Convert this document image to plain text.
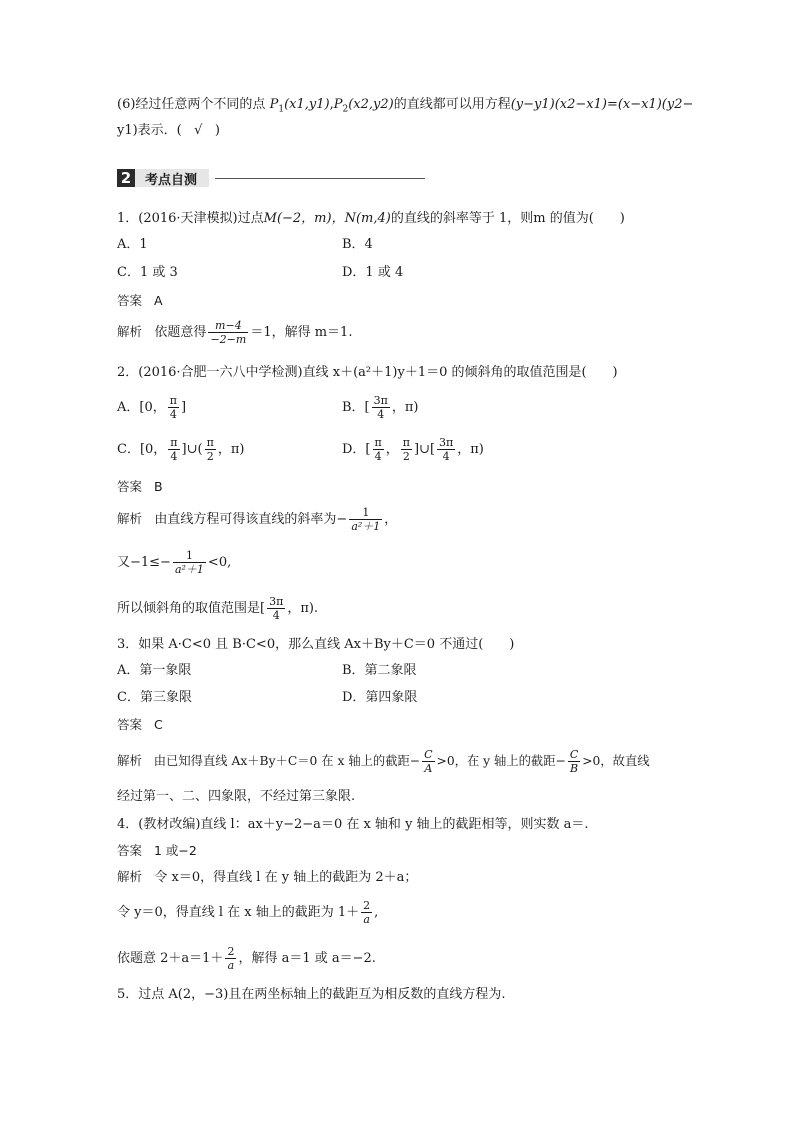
(6)经过任意两个不同的点 $P_1(x1,y1),P_2(x2,y2)$的直线都可以用方程(y−y1)(x2−x1)=(x−x1)(y2−
y1)表示．( √ )
2	考点自测
1．(2016·天津模拟)过点M(−2，m)，N(m,4)的直线的斜率等于 1，则m 的值为(　　)
A．1	B．4
C．1 或 3	D．1 或 4
答案 A
解析 依题意得 $\frac{m-4}{-2-m} =1$，解得 m＝1.
2．(2016·合肥一六八中学检测)直线 x＋(a²＋1)y＋1＝0 的倾斜角的取值范围是(　　)
A．[0， $\frac{\pi}{4}$ ]	B．[ $\frac{3\pi}{4}$ ，π)
C．[0， $\frac{\pi}{4}$ ]∪( $\frac{\pi}{2}$ ，π)	D．[ $\frac{\pi}{4}$ ， $\frac{\pi}{2}$ ]∪[ $\frac{3\pi}{4}$ ，π)
答案 B
解析 由直线方程可得该直线的斜率为− $\frac{1}{\text{a²＋1}}$ ，
又$-1\le- \frac{1}{\text{a²＋1}} <0$,
所以倾斜角的取值范围是[ $\frac{3\pi}{4}$ ，π).
3．如果 A·C<0 且 B·C<0，那么直线 Ax＋By＋C＝0 不通过(　　)
A．第一象限	B．第二象限
C．第三象限	D．第四象限
答案 C
解析 由已知得直线 Ax＋By＋C＝0 在 x 轴上的截距− $\frac{C}{A} >0$，在 y 轴上的截距− $\frac{C}{B} >0$，故直线
经过第一、二、四象限，不经过第三象限.
4．(教材改编)直线 l：ax＋y−2−a＝0 在 x 轴和 y 轴上的截距相等，则实数 a＝.
答案 1 或−2
解析 令 x＝0，得直线 l 在 y 轴上的截距为 2＋a；
令 y＝0，得直线 l 在 x 轴上的截距为 $1+ \frac{2}{a}$ ,
依题意 $2+a=1+ \frac{2}{a}$ ，解得 a＝1 或 a＝−2.
5．过点 A(2，−3)且在两坐标轴上的截距互为相反数的直线方程为.
